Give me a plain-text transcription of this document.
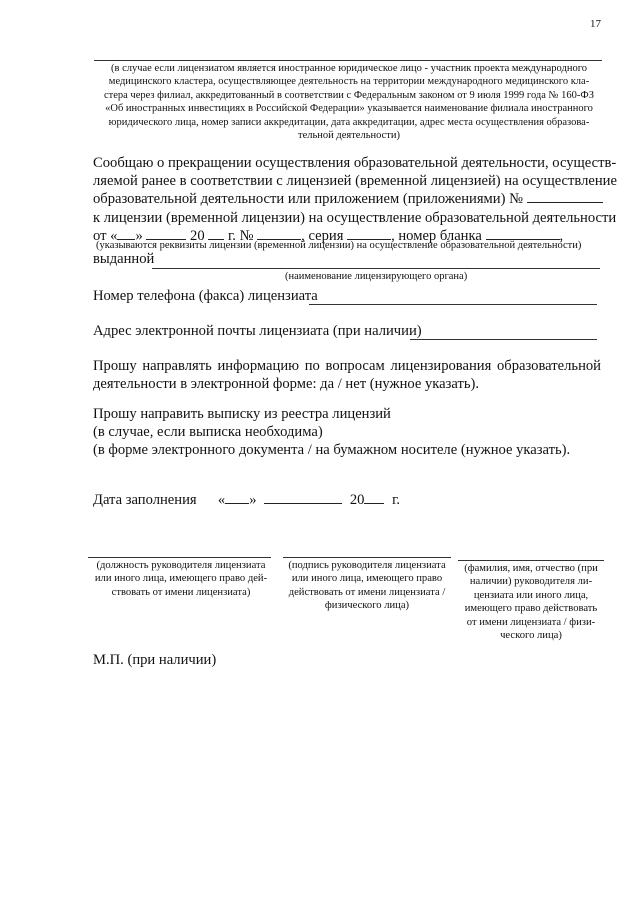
17
(в случае если лицензиатом является иностранное юридическое лицо - участник проекта международного
медицинского кластера, осуществляющее деятельность на территории международного медицинского кла-
стера через филиал, аккредитованный в соответствии с Федеральным законом от 9 июля 1999 года № 160-ФЗ
«Об иностранных инвестициях в Российской Федерации» указывается наименование филиала иностранного
юридического лица, номер записи аккредитации, дата аккредитации, адрес места осуществления образова-
тельной деятельности)
Сообщаю о прекращении осуществления образовательной деятельности, осуществ-
ляемой ранее в соответствии с лицензией (временной лицензией) на осуществление
образовательной деятельности или приложением (приложениями) №
к лицензии (временной лицензии) на осуществление образовательной деятельности
от « »	20 г. №	, серия	, номер бланка	,
(указываются реквизиты лицензии (временной лицензии) на осуществление образовательной деятельности)
выданной
(наименование лицензирующего органа)
Номер телефона (факса) лицензиата
Адрес электронной почты лицензиата (при наличии)
Прошу направлять информацию по вопросам лицензирования образовательной
деятельности в электронной форме: да / нет (нужное указать).
Прошу направить выписку из реестра лицензий
(в случае, если выписка необходима)
(в форме электронного документа / на бумажном носителе (нужное указать).
Дата заполнения « »	20 г.
(должность руководителя лицензиата
или иного лица, имеющего право дей-
ствовать от имени лицензиата)
(подпись руководителя лицензиата
или иного лица, имеющего право
действовать от имени лицензиата /
физического лица)
(фамилия, имя, отчество (при
наличии) руководителя ли-
цензиата или иного лица,
имеющего право действовать
от имени лицензиата / физи-
ческого лица)
М.П. (при наличии)
